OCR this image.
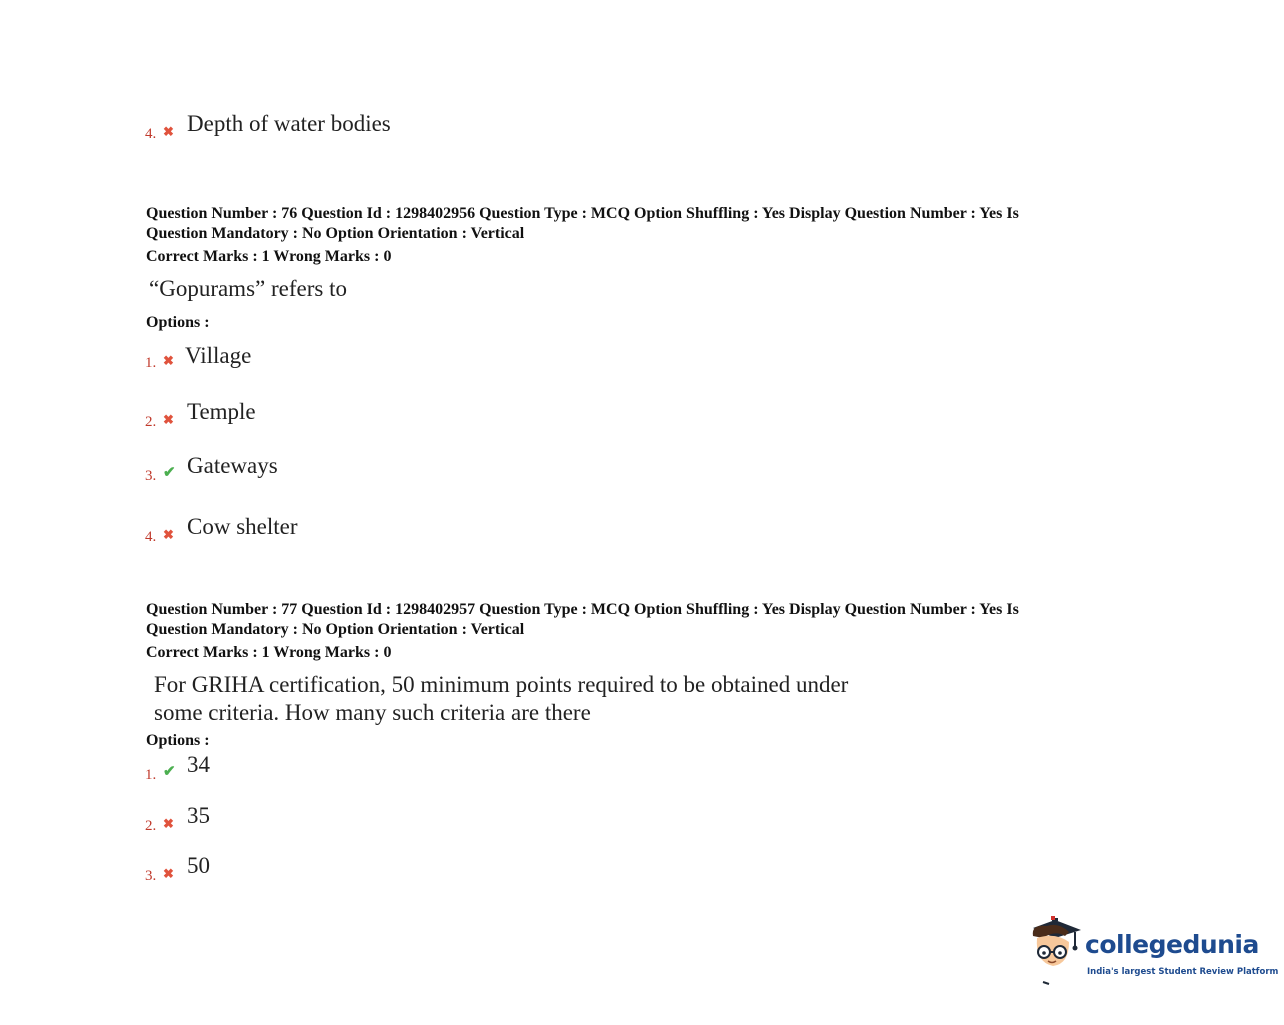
4. ✖ Depth of water bodies
Question Number : 76 Question Id : 1298402956 Question Type : MCQ Option Shuffling : Yes Display Question Number : Yes Is
Question Mandatory : No Option Orientation : Vertical
Correct Marks : 1 Wrong Marks : 0
“Gopurams” refers to
Options :
1. ✖ Village
2. ✖ Temple
3. ✔ Gateways
4. ✖ Cow shelter
Question Number : 77 Question Id : 1298402957 Question Type : MCQ Option Shuffling : Yes Display Question Number : Yes Is
Question Mandatory : No Option Orientation : Vertical
Correct Marks : 1 Wrong Marks : 0
For GRIHA certification, 50 minimum points required to be obtained under
some criteria. How many such criteria are there
Options :
1. ✔ 34
2. ✖ 35
3. ✖ 50
collegedunia
India's largest Student Review Platform
